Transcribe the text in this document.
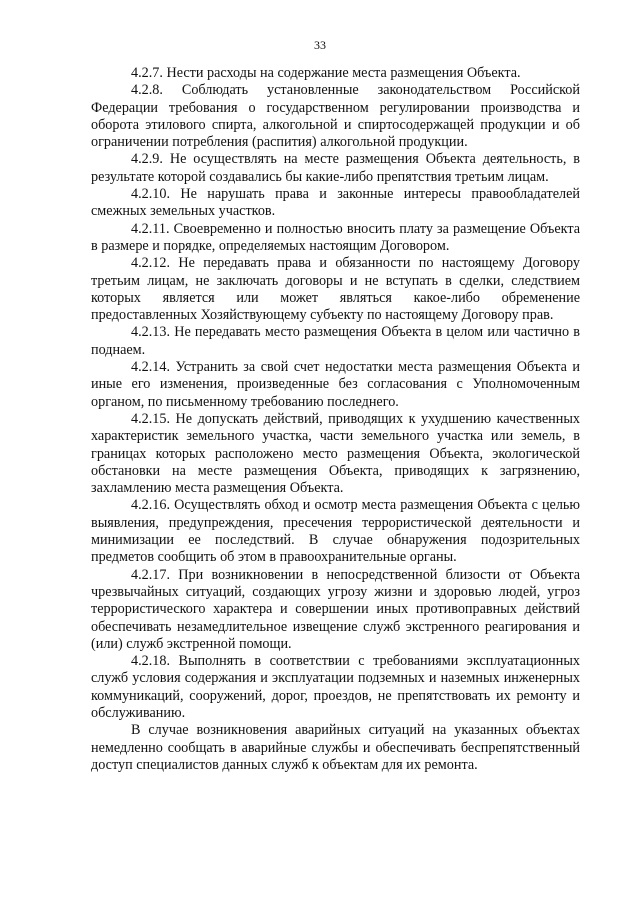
33

4.2.7. Нести расходы на содержание места размещения Объекта.

4.2.8. Соблюдать установленные законодательством Российской Федерации требования о государственном регулировании производства и оборота этилового спирта, алкогольной и спиртосодержащей продукции и об ограничении потребления (распития) алкогольной продукции.

4.2.9. Не осуществлять на месте размещения Объекта деятельность, в результате которой создавались бы какие-либо препятствия третьим лицам.

4.2.10. Не нарушать права и законные интересы правообладателей смежных земельных участков.

4.2.11. Своевременно и полностью вносить плату за размещение Объекта в размере и порядке, определяемых настоящим Договором.

4.2.12. Не передавать права и обязанности по настоящему Договору третьим лицам, не заключать договоры и не вступать в сделки, следствием которых является или может являться какое-либо обременение предоставленных Хозяйствующему субъекту по настоящему Договору прав.

4.2.13. Не передавать место размещения Объекта в целом или частично в поднаем.

4.2.14. Устранить за свой счет недостатки места размещения Объекта и иные его изменения, произведенные без согласования с Уполномоченным органом, по письменному требованию последнего.

4.2.15. Не допускать действий, приводящих к ухудшению качественных характеристик земельного участка, части земельного участка или земель, в границах которых расположено место размещения Объекта, экологической обстановки на месте размещения Объекта, приводящих к загрязнению, захламлению места размещения Объекта.

4.2.16. Осуществлять обход и осмотр места размещения Объекта с целью выявления, предупреждения, пресечения террористической деятельности и минимизации ее последствий. В случае обнаружения подозрительных предметов сообщить об этом в правоохранительные органы.

4.2.17. При возникновении в непосредственной близости от Объекта чрезвычайных ситуаций, создающих угрозу жизни и здоровью людей, угроз террористического характера и совершении иных противоправных действий обеспечивать незамедлительное извещение служб экстренного реагирования и (или) служб экстренной помощи.

4.2.18. Выполнять в соответствии с требованиями эксплуатационных служб условия содержания и эксплуатации подземных и наземных инженерных коммуникаций, сооружений, дорог, проездов, не препятствовать их ремонту и обслуживанию.

В случае возникновения аварийных ситуаций на указанных объектах немедленно сообщать в аварийные службы и обеспечивать беспрепятственный доступ специалистов данных служб к объектам для их ремонта.
